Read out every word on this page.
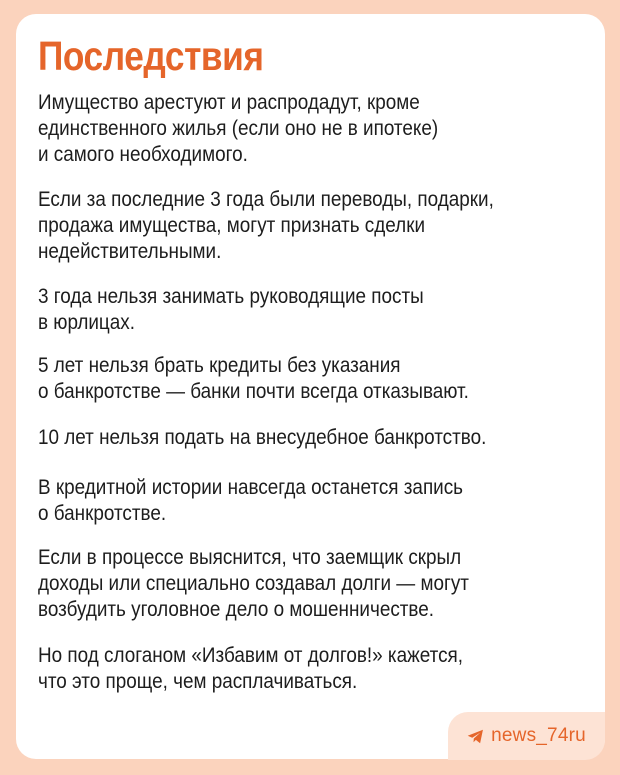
Последствия

Имущество арестуют и распродадут, кроме
единственного жилья (если оно не в ипотеке)
и самого необходимого.

Если за последние 3 года были переводы, подарки,
продажа имущества, могут признать сделки
недействительными.

3 года нельзя занимать руководящие посты
в юрлицах.

5 лет нельзя брать кредиты без указания
о банкротстве — банки почти всегда отказывают.

10 лет нельзя подать на внесудебное банкротство.

В кредитной истории навсегда останется запись
о банкротстве.

Если в процессе выяснится, что заемщик скрыл
доходы или специально создавал долги — могут
возбудить уголовное дело о мошенничестве.

Но под слоганом «Избавим от долгов!» кажется,
что это проще, чем расплачиваться.

news_74ru
